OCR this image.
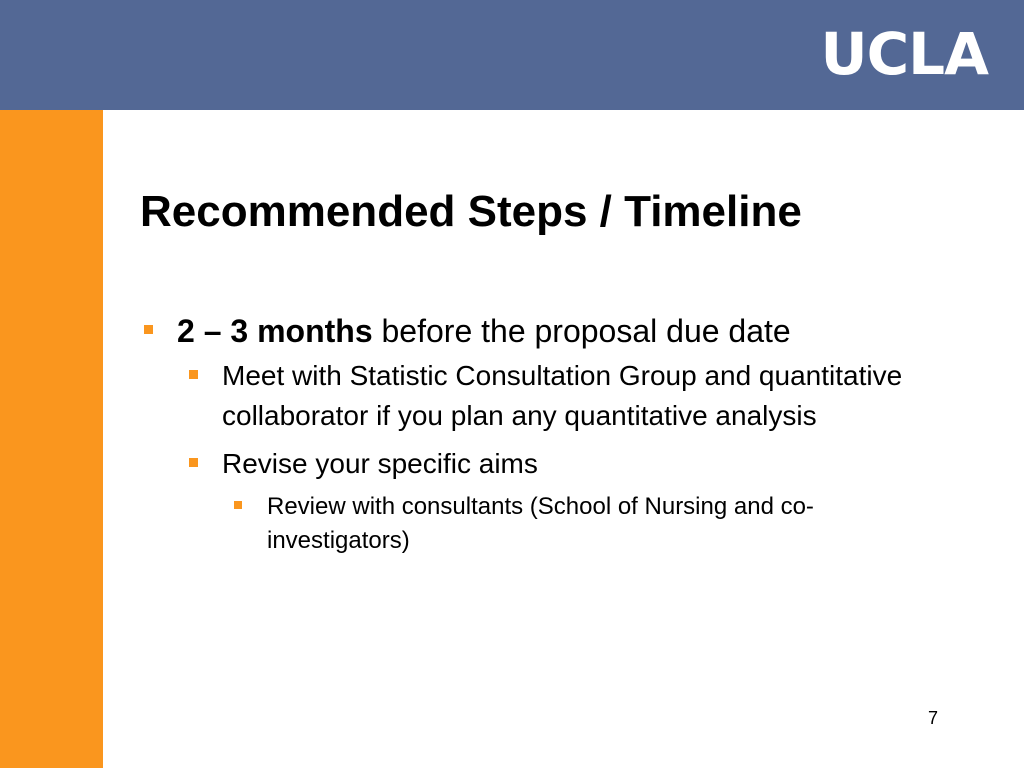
UCLA
Recommended Steps / Timeline
2 – 3 months before the proposal due date
Meet with Statistic Consultation Group and quantitative collaborator if you plan any quantitative analysis
Revise your specific aims
Review with consultants (School of Nursing and co-investigators)
7
